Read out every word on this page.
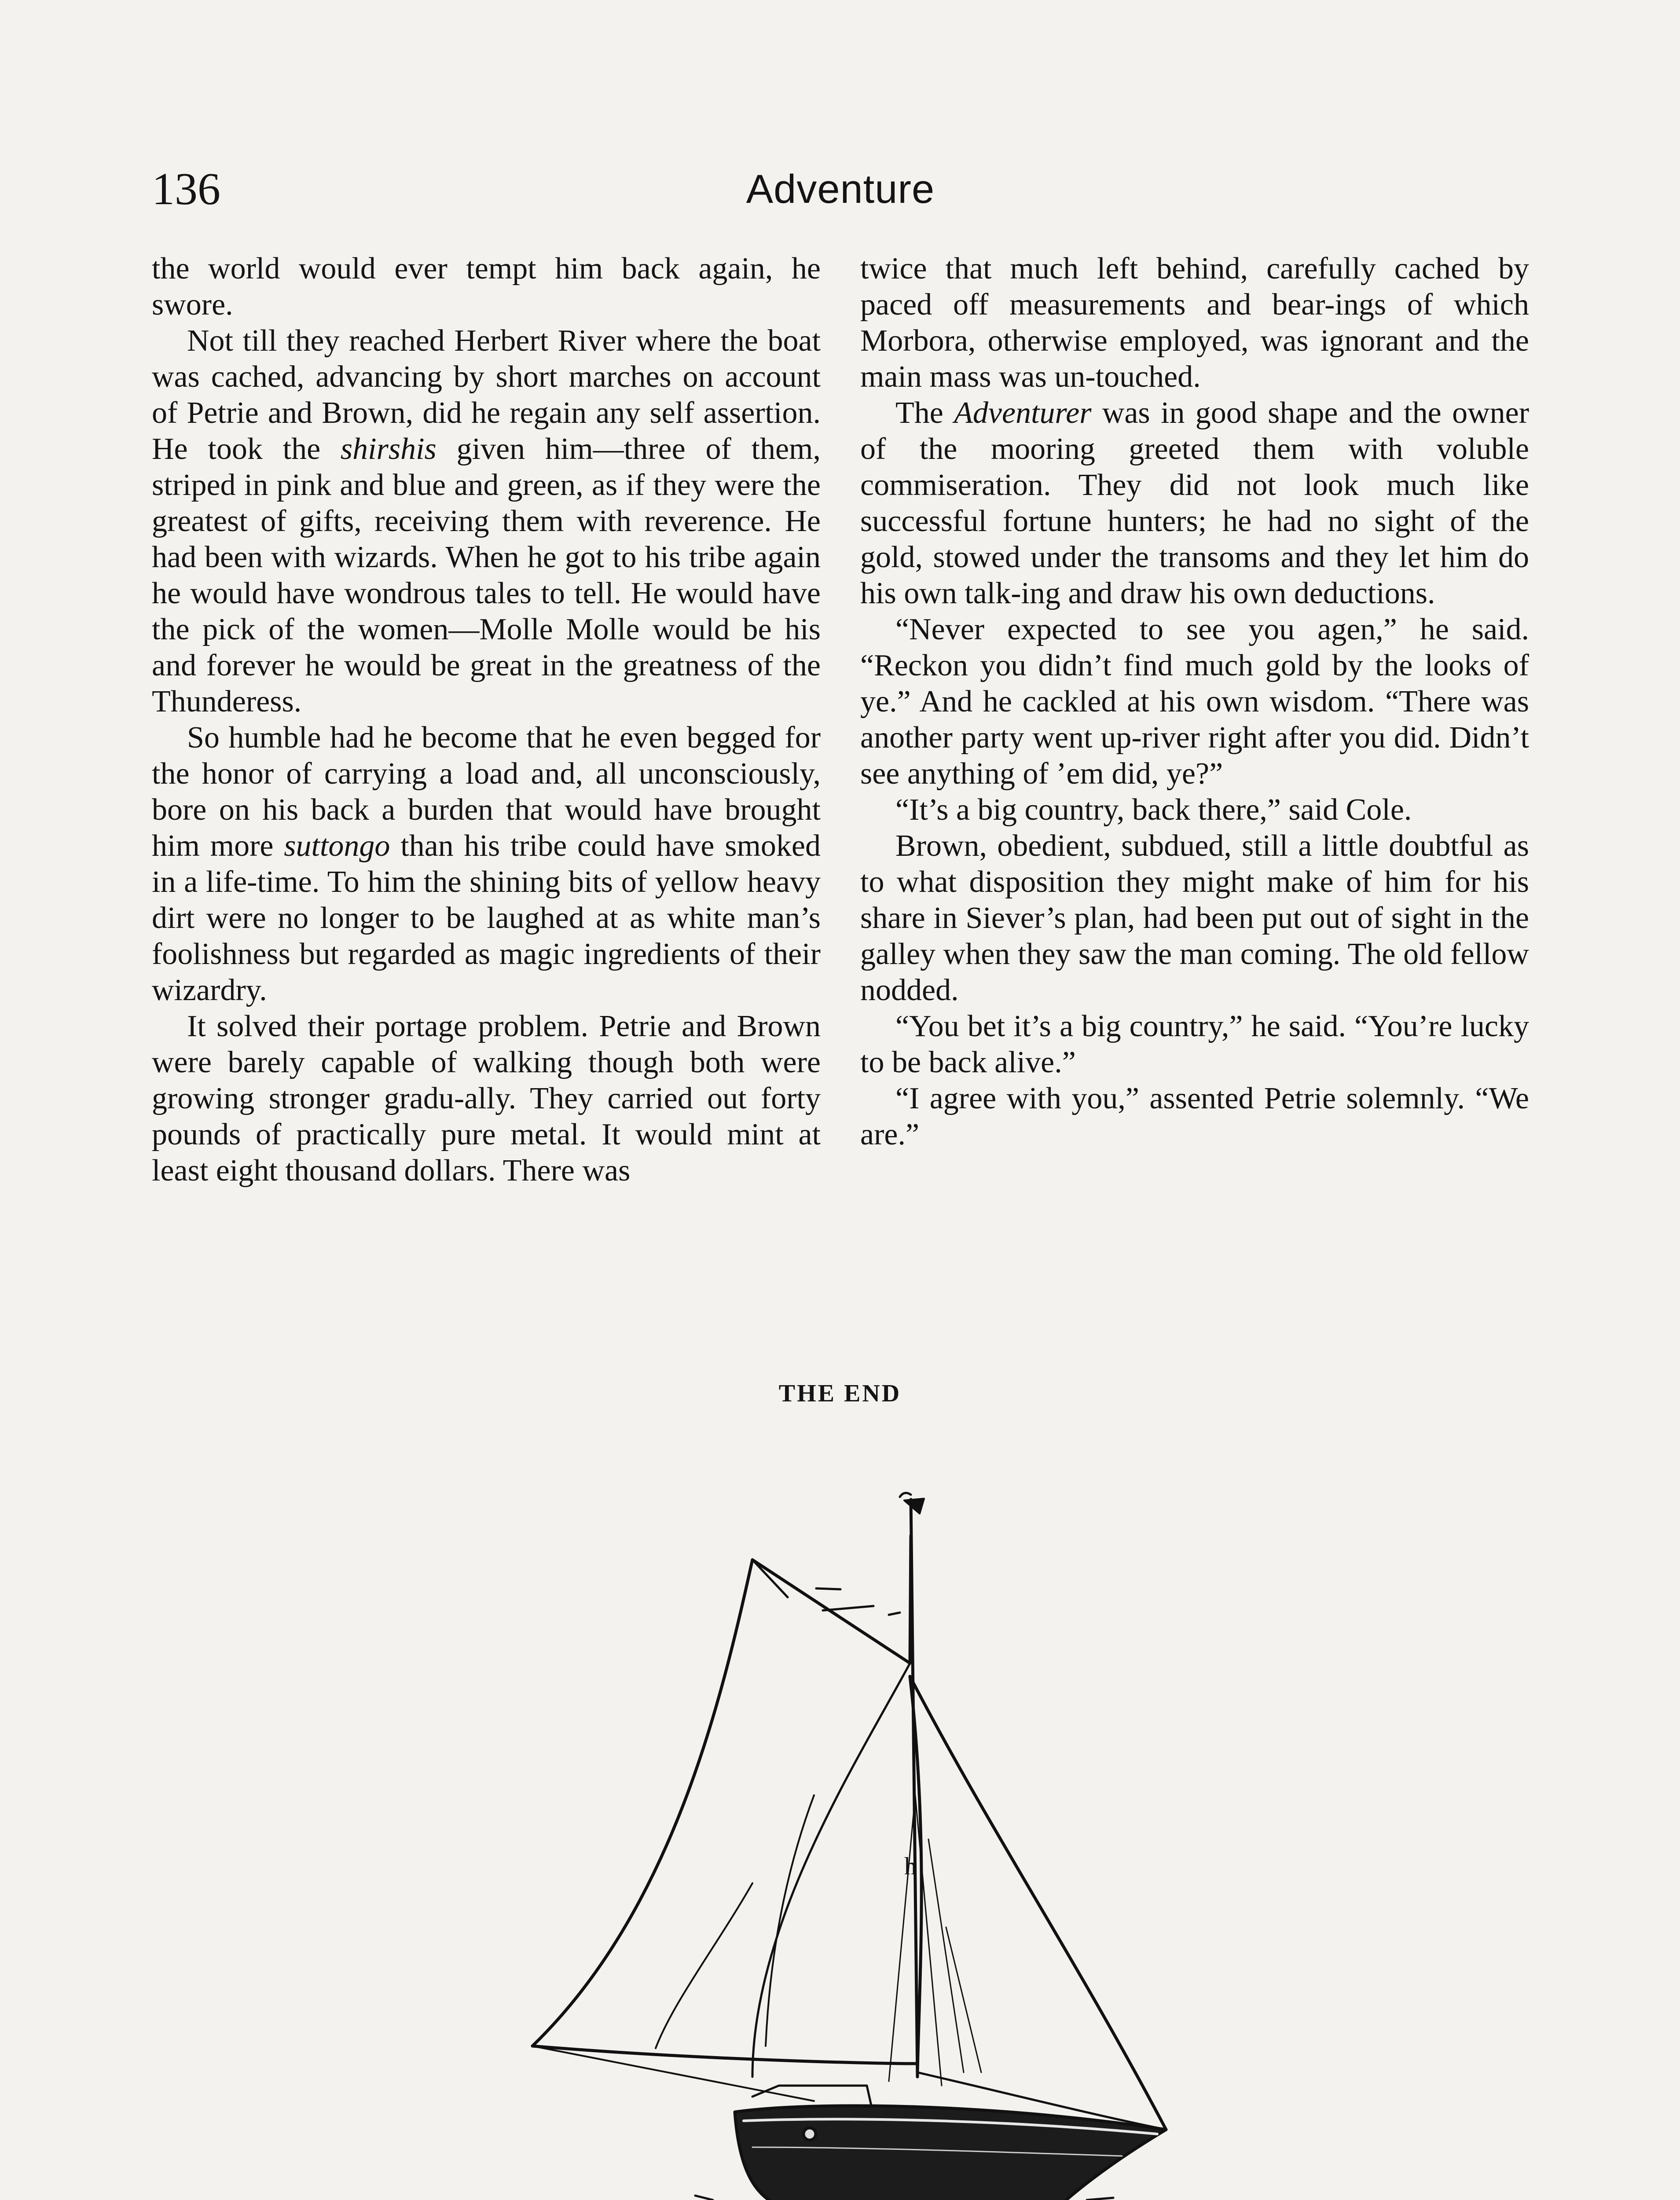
136	Adventure

the world would ever tempt him back again, he swore.

Not till they reached Herbert River where the boat was cached, advancing by short marches on account of Petrie and Brown, did he regain any self assertion. He took the shirshis given him—three of them, striped in pink and blue and green, as if they were the greatest of gifts, receiving them with reverence. He had been with wizards. When he got to his tribe again he would have wondrous tales to tell. He would have the pick of the women—Molle Molle would be his and forever he would be great in the greatness of the Thunderess.

So humble had he become that he even begged for the honor of carrying a load and, all unconsciously, bore on his back a burden that would have brought him more suttongo than his tribe could have smoked in a life-time. To him the shining bits of yellow heavy dirt were no longer to be laughed at as white man’s foolishness but regarded as magic ingredients of their wizardry.

It solved their portage problem. Petrie and Brown were barely capable of walking though both were growing stronger gradu-ally. They carried out forty pounds of practically pure metal. It would mint at least eight thousand dollars. There was

twice that much left behind, carefully cached by paced off measurements and bear-ings of which Morbora, otherwise employed, was ignorant and the main mass was un-touched.

The Adventurer was in good shape and the owner of the mooring greeted them with voluble commiseration. They did not look much like successful fortune hunters; he had no sight of the gold, stowed under the transoms and they let him do his own talk-ing and draw his own deductions.

“Never expected to see you agen,” he said. “Reckon you didn’t find much gold by the looks of ye.” And he cackled at his own wisdom. “There was another party went up-river right after you did. Didn’t see anything of ’em did, ye?”

“It’s a big country, back there,” said Cole.

Brown, obedient, subdued, still a little doubtful as to what disposition they might make of him for his share in Siever’s plan, had been put out of sight in the galley when they saw the man coming. The old fellow nodded.

“You bet it’s a big country,” he said. “You’re lucky to be back alive.”

“I agree with you,” assented Petrie solemnly. “We are.”

THE END
h
